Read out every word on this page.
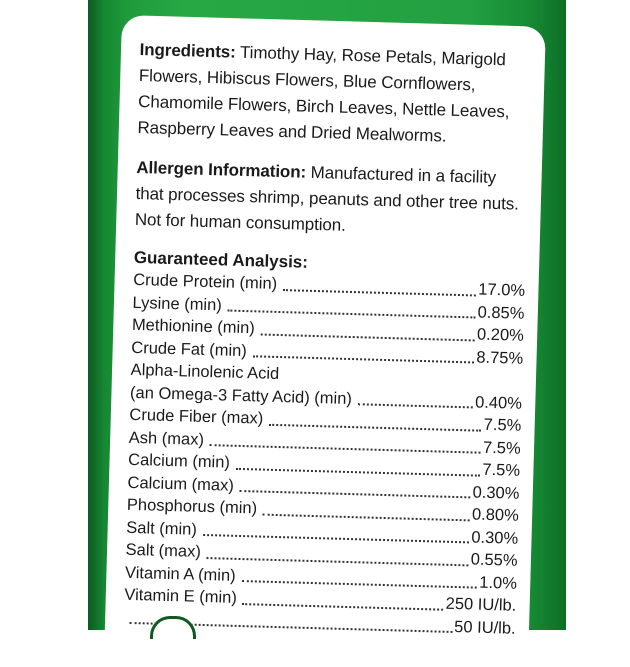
Ingredients: Timothy Hay, Rose Petals, Marigold Flowers, Hibiscus Flowers, Blue Cornflowers, Chamomile Flowers, Birch Leaves, Nettle Leaves, Raspberry Leaves and Dried Mealworms.

Allergen Information: Manufactured in a facility that processes shrimp, peanuts and other tree nuts. Not for human consumption.

Guaranteed Analysis:

Crude Protein (min)	17.0%
Lysine (min)	0.85%
Methionine (min)	0.20%
Crude Fat (min)	8.75%
Alpha-Linolenic Acid
(an Omega-3 Fatty Acid) (min)	0.40%
Crude Fiber (max)	7.5%
Ash (max)	7.5%
Calcium (min)	7.5%
Calcium (max)	0.30%
Phosphorus (min)	0.80%
Salt (min)	0.30%
Salt (max)	0.55%
Vitamin A (min)	1.0%
Vitamin E (min)	250 IU/lb.
50 IU/lb.
